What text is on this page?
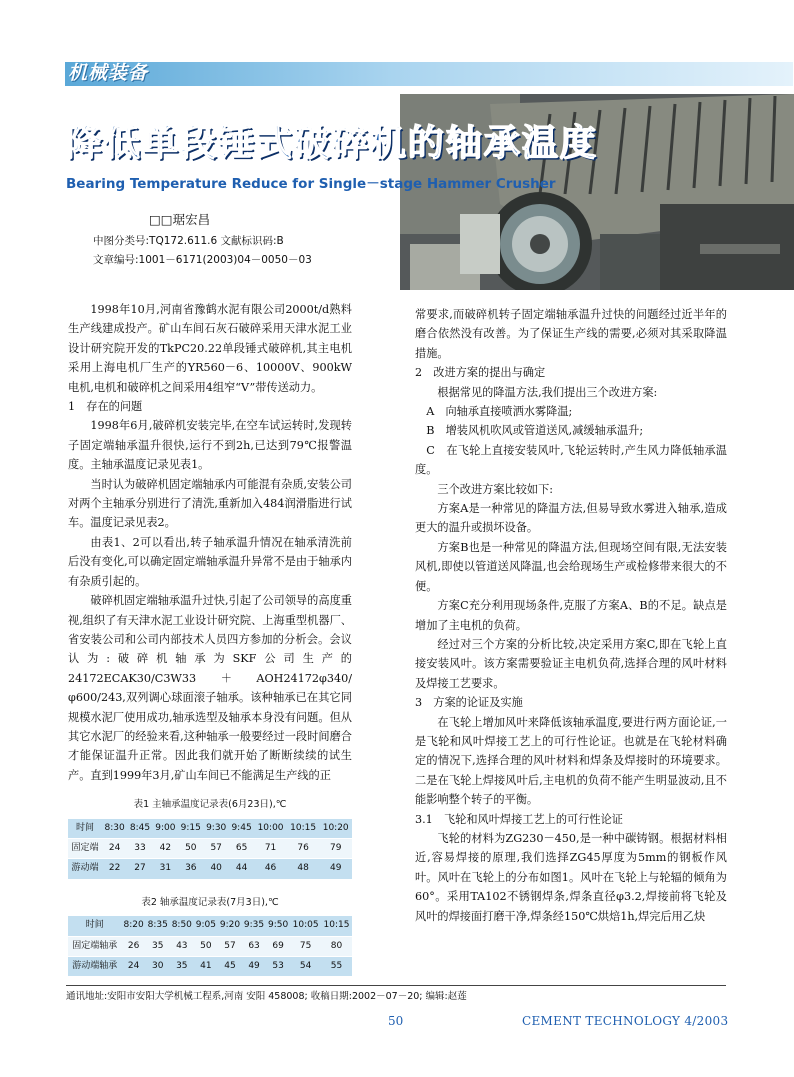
机械装备
降低单段锤式破碎机的轴承温度
Bearing Temperature Reduce for Single－stage Hammer Crusher
□□琚宏昌
中图分类号:TQ172.611.6 文献标识码:B
文章编号:1001－6171(2003)04－0050－03

1998年10月,河南省豫鹤水泥有限公司2000t/d熟料生产线建成投产。矿山车间石灰石破碎采用天津水泥工业设计研究院开发的TkPC20.22单段锤式破碎机,其主电机采用上海电机厂生产的YR560－6、10000V、900kW电机,电机和破碎机之间采用4组窄“V”带传送动力。

1　存在的问题

1998年6月,破碎机安装完毕,在空车试运转时,发现转子固定端轴承温升很快,运行不到2h,已达到79℃报警温度。主轴承温度记录见表1。

当时认为破碎机固定端轴承内可能混有杂质,安装公司对两个主轴承分别进行了清洗,重新加入484润滑脂进行试车。温度记录见表2。

由表1、2可以看出,转子轴承温升情况在轴承清洗前后没有变化,可以确定固定端轴承温升异常不是由于轴承内有杂质引起的。

破碎机固定端轴承温升过快,引起了公司领导的高度重视,组织了有天津水泥工业设计研究院、上海重型机器厂、省安装公司和公司内部技术人员四方参加的分析会。会议认为:破碎机轴承为SKF公司生产的24172ECAK30/C3W33＋AOH24172φ340/φ600/243,双列调心球面滚子轴承。该种轴承已在其它同规模水泥厂使用成功,轴承选型及轴承本身没有问题。但从其它水泥厂的经验来看,这种轴承一般要经过一段时间磨合才能保证温升正常。因此我们就开始了断断续续的试生产。直到1999年3月,矿山车间已不能满足生产线的正

表1 主轴承温度记录表(6月23日),℃
时间	8:30	8:45	9:00	9:15	9:30	9:45	10:00	10:15	10:20
固定端	24	33	42	50	57	65	71	76	79
游动端	22	27	31	36	40	44	46	48	49
表2 轴承温度记录表(7月3日),℃
时间	8:20	8:35	8:50	9:05	9:20	9:35	9:50	10:05	10:15
固定端轴承	26	35	43	50	57	63	69	75	80
游动端轴承	24	30	35	41	45	49	53	54	55

常要求,而破碎机转子固定端轴承温升过快的问题经过近半年的磨合依然没有改善。为了保证生产线的需要,必须对其采取降温措施。

2　改进方案的提出与确定

根据常见的降温方法,我们提出三个改进方案:

A　向轴承直接喷洒水雾降温;

B　增装风机吹风或管道送风,减缓轴承温升;

C　在飞轮上直接安装风叶,飞轮运转时,产生风力降低轴承温度。

三个改进方案比较如下:

方案A是一种常见的降温方法,但易导致水雾进入轴承,造成更大的温升或损坏设备。

方案B也是一种常见的降温方法,但现场空间有限,无法安装风机,即使以管道送风降温,也会给现场生产或检修带来很大的不便。

方案C充分利用现场条件,克服了方案A、B的不足。缺点是增加了主电机的负荷。

经过对三个方案的分析比较,决定采用方案C,即在飞轮上直接安装风叶。该方案需要验证主电机负荷,选择合理的风叶材料及焊接工艺要求。

3　方案的论证及实施

在飞轮上增加风叶来降低该轴承温度,要进行两方面论证,一是飞轮和风叶焊接工艺上的可行性论证。也就是在飞轮材料确定的情况下,选择合理的风叶材料和焊条及焊接时的环境要求。二是在飞轮上焊接风叶后,主电机的负荷不能产生明显波动,且不能影响整个转子的平衡。

3.1　飞轮和风叶焊接工艺上的可行性论证

飞轮的材料为ZG230－450,是一种中碳铸钢。根据材料相近,容易焊接的原理,我们选择ZG45厚度为5mm的钢板作风叶。风叶在飞轮上的分布如图1。风叶在飞轮上与轮辐的倾角为60°。采用TA102不锈钢焊条,焊条直径φ3.2,焊接前将飞轮及风叶的焊接面打磨干净,焊条经150℃烘焙1h,焊完后用乙炔

通讯地址:安阳市安阳大学机械工程系,河南 安阳 458008; 收稿日期:2002－07－20; 编辑:赵莲
50	CEMENT TECHNOLOGY 4/2003
